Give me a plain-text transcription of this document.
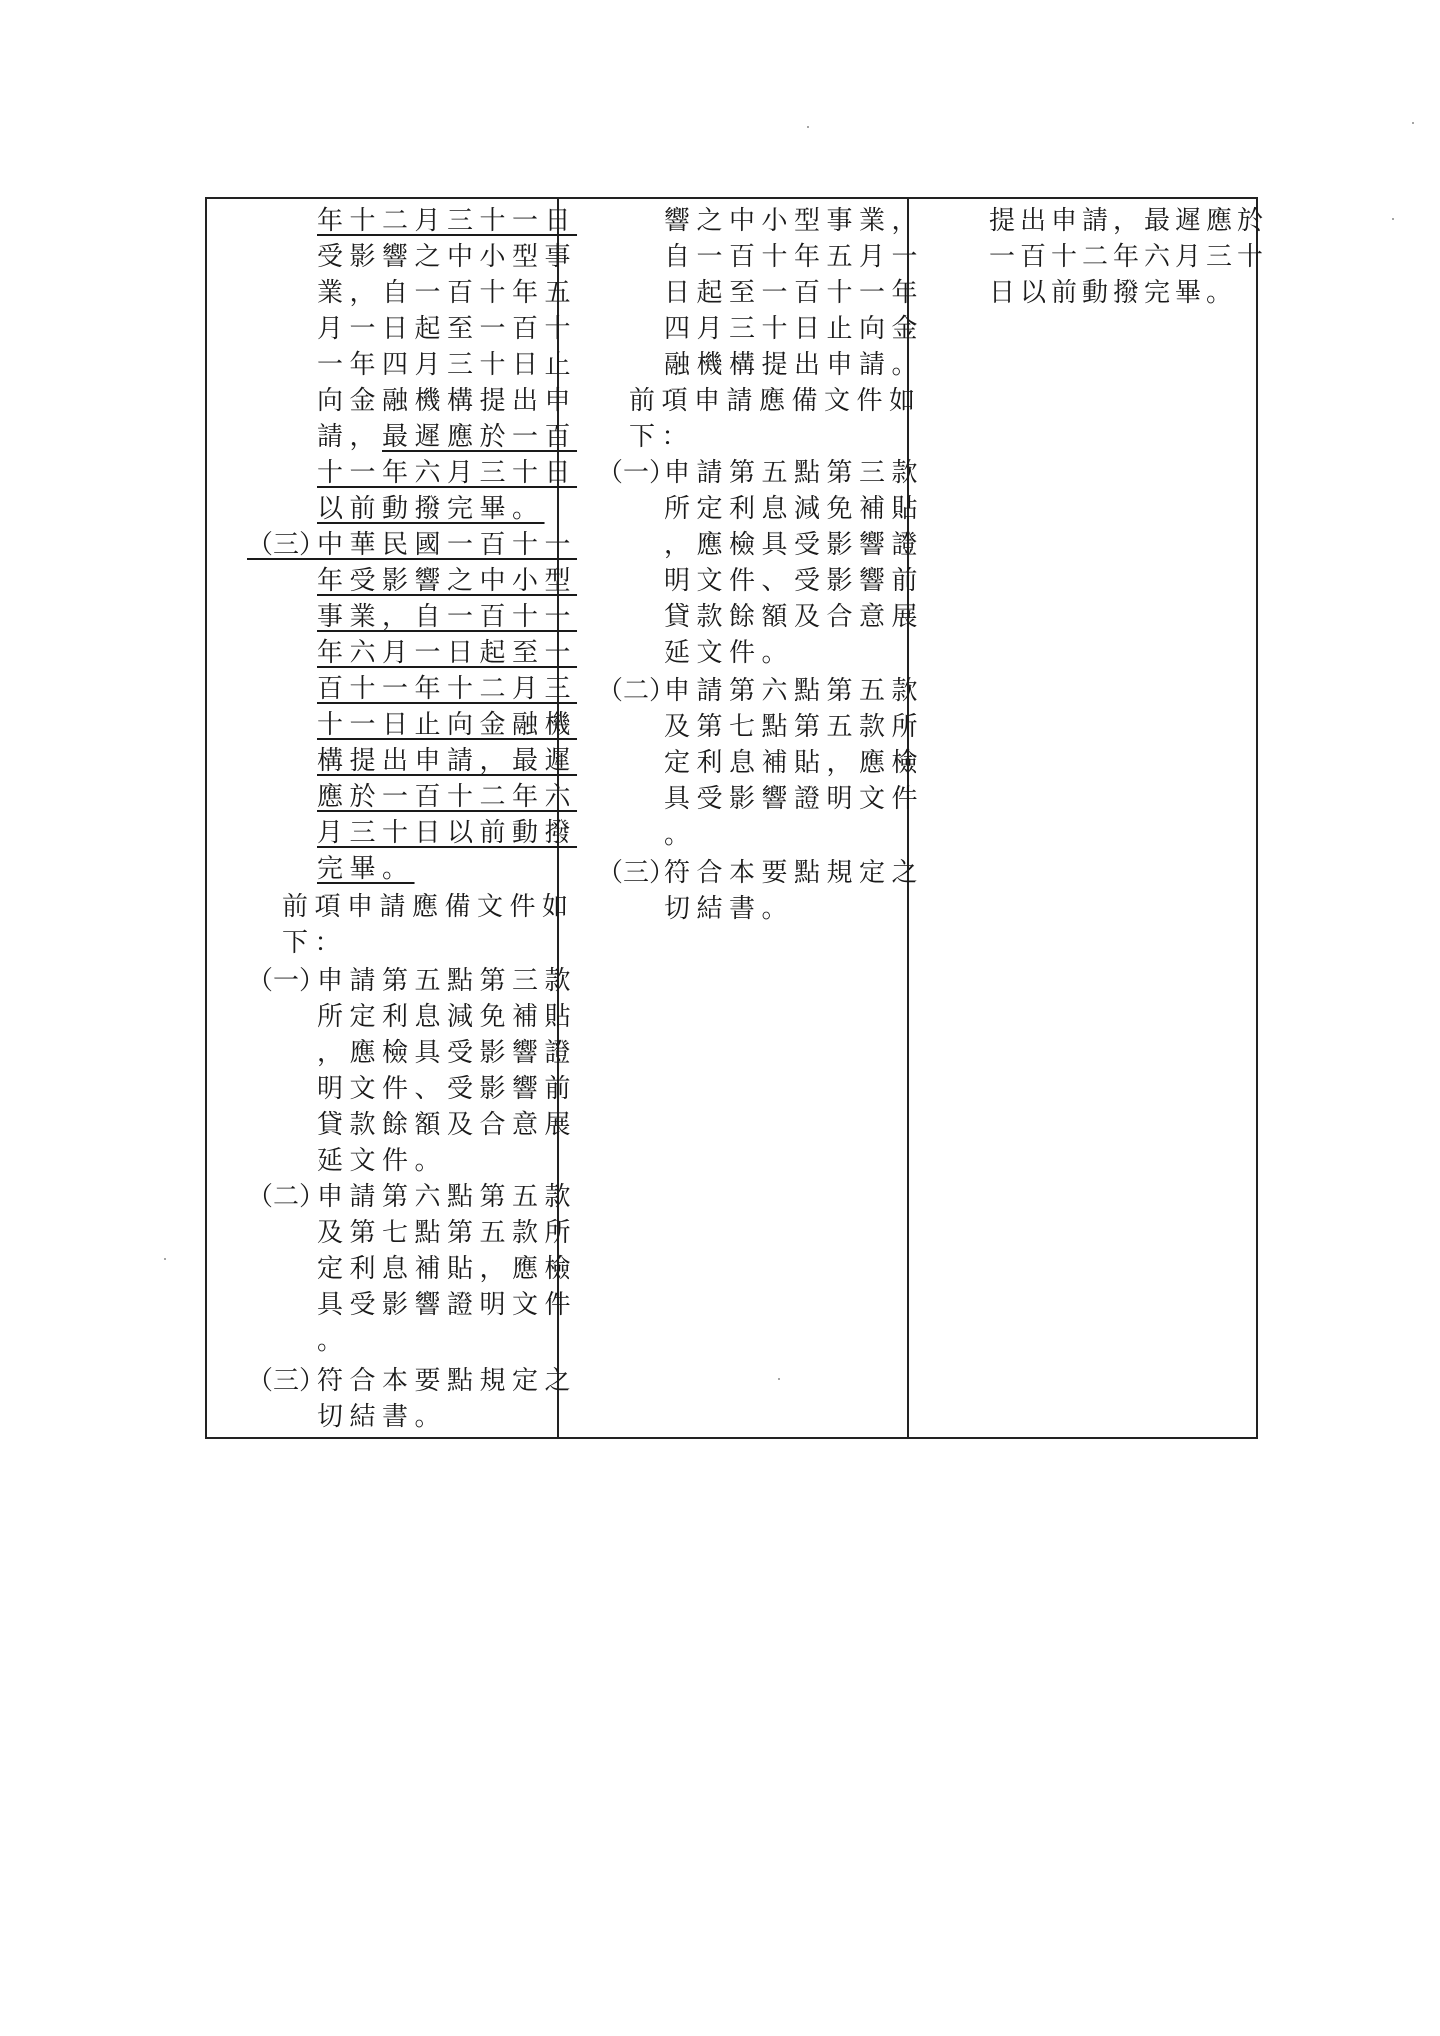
年十二月三十一日
受影響之中小型事
業，自一百十年五
月一日起至一百十
一年四月三十日止
向金融機構提出申
請， 最遲應於一百
十一年六月三十日
以前動撥完畢。
（三）
中華民國一百十一
年受影響之中小型
事業，自一百十一
年六月一日起至一
百十一年十二月三
十一日止向金融機
構提出申請，最遲
應於一百十二年六
月三十日以前動撥
完畢。
前項申請應備文件如
下：
（一）
申請第五點第三款
所定利息減免補貼
，應檢具受影響證
明文件、受影響前
貸款餘額及合意展
延文件。
（二）
申請第六點第五款
及第七點第五款所
定利息補貼，應檢
具受影響證明文件
。
（三）
符合本要點規定之
切結書。
響之中小型事業，
自一百十年五月一
日起至一百十一年
四月三十日止向金
融機構提出申請。
前項申請應備文件如
下：
（一）
申請第五點第三款
所定利息減免補貼
，應檢具受影響證
明文件、受影響前
貸款餘額及合意展
延文件。
（二）
申請第六點第五款
及第七點第五款所
定利息補貼，應檢
具受影響證明文件
。
（三）
符合本要點規定之
切結書。
提出申請，最遲應於
一百十二年六月三十
日以前動撥完畢。
